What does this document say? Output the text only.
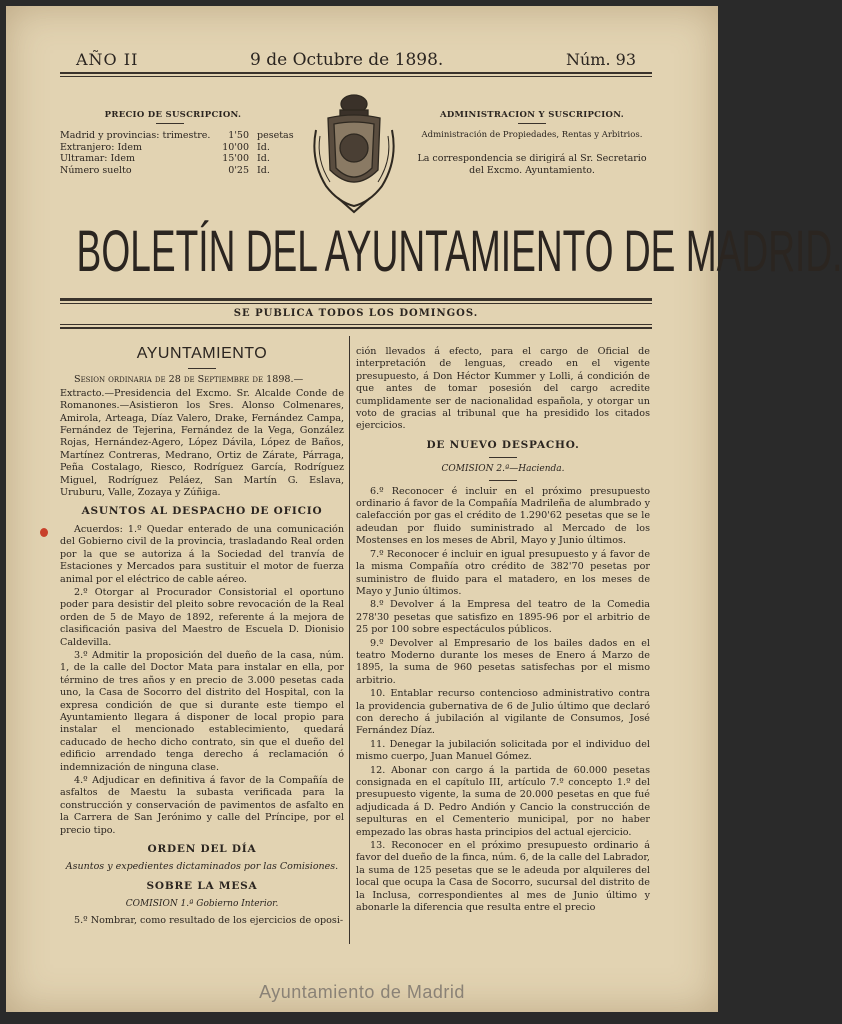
AÑO II	9 de Octubre de 1898.	Núm. 93
PRECIO DE SUSCRIPCION.
Madrid y provincias: trimestre.	1'50 pesetas
Extranjero: Idem	10'00 Id.
Ultramar: Idem	15'00 Id.
Número suelto	0'25 Id.
ADMINISTRACION Y SUSCRIPCION.
Administración de Propiedades, Rentas y Arbitrios.
La correspondencia se dirigirá al Sr. Secretario
del Excmo. Ayuntamiento.
BOLETÍN DEL AYUNTAMIENTO DE MADRID.
SE PUBLICA TODOS LOS DOMINGOS.
AYUNTAMIENTO
Sesion ordinaria de 28 de Septiembre de 1898.—
Extracto.—Presidencia del Excmo. Sr. Alcalde Conde de Romanones.—Asistieron los Sres. Alonso Colmenares, Amirola, Arteaga, Díaz Valero, Drake, Fernández Campa, Fernández de Tejerina, Fernández de la Vega, González Rojas, Hernández-Agero, López Dávila, López de Baños, Martínez Contreras, Medrano, Ortiz de Zárate, Párraga, Peña Costalago, Riesco, Rodríguez García, Rodríguez Miguel, Rodríguez Peláez, San Martín G. Eslava, Uruburu, Valle, Zozaya y Zúñiga.
ASUNTOS AL DESPACHO DE OFICIO
Acuerdos: 1.º Quedar enterado de una comunicación del Gobierno civil de la provincia, trasladando Real orden por la que se autoriza á la Sociedad del tranvía de Estaciones y Mercados para sustituir el motor de fuerza animal por el eléctrico de cable aéreo.
2.º Otorgar al Procurador Consistorial el oportuno poder para desistir del pleito sobre revocación de la Real orden de 5 de Mayo de 1892, referente á la mejora de clasificación pasiva del Maestro de Escuela D. Dionisio Caldevilla.
3.º Admitir la proposición del dueño de la casa, núm. 1, de la calle del Doctor Mata para instalar en ella, por término de tres años y en precio de 3.000 pesetas cada uno, la Casa de Socorro del distrito del Hospital, con la expresa condición de que si durante este tiempo el Ayuntamiento llegara á disponer de local propio para instalar el mencionado establecimiento, quedará caducado de hecho dicho contrato, sin que el dueño del edificio arrendado tenga derecho á reclamación ó indemnización de ninguna clase.
4.º Adjudicar en definitiva á favor de la Compañía de asfaltos de Maestu la subasta verificada para la construcción y conservación de pavimentos de asfalto en la Carrera de San Jerónimo y calle del Príncipe, por el precio tipo.
ORDEN DEL DÍA
Asuntos y expedientes dictaminados por las Comisiones.
SOBRE LA MESA
COMISION 1.ª Gobierno Interior.
5.º Nombrar, como resultado de los ejercicios de oposi-
ción llevados á efecto, para el cargo de Oficial de interpretación de lenguas, creado en el vigente presupuesto, á Don Héctor Kummer y Lolli, á condición de que antes de tomar posesión del cargo acredite cumplidamente ser de nacionalidad española, y otorgar un voto de gracias al tribunal que ha presidido los citados ejercicios.
DE NUEVO DESPACHO.
COMISION 2.ª—Hacienda.
6.º Reconocer é incluir en el próximo presupuesto ordinario á favor de la Compañía Madrileña de alumbrado y calefacción por gas el crédito de 1.290'62 pesetas que se le adeudan por fluido suministrado al Mercado de los Mostenses en los meses de Abril, Mayo y Junio últimos.
7.º Reconocer é incluir en igual presupuesto y á favor de la misma Compañía otro crédito de 382'70 pesetas por suministro de fluido para el matadero, en los meses de Mayo y Junio últimos.
8.º Devolver á la Empresa del teatro de la Comedia 278'30 pesetas que satisfizo en 1895-96 por el arbitrio de 25 por 100 sobre espectáculos públicos.
9.º Devolver al Empresario de los bailes dados en el teatro Moderno durante los meses de Enero á Marzo de 1895, la suma de 960 pesetas satisfechas por el mismo arbitrio.
10. Entablar recurso contencioso administrativo contra la providencia gubernativa de 6 de Julio último que declaró con derecho á jubilación al vigilante de Consumos, José Fernández Díaz.
11. Denegar la jubilación solicitada por el individuo del mismo cuerpo, Juan Manuel Gómez.
12. Abonar con cargo á la partida de 60.000 pesetas consignada en el capítulo III, artículo 7.º concepto 1.º del presupuesto vigente, la suma de 20.000 pesetas en que fué adjudicada á D. Pedro Andión y Cancio la construcción de sepulturas en el Cementerio municipal, por no haber empezado las obras hasta principios del actual ejercicio.
13. Reconocer en el próximo presupuesto ordinario á favor del dueño de la finca, núm. 6, de la calle del Labrador, la suma de 125 pesetas que se le adeuda por alquileres del local que ocupa la Casa de Socorro, sucursal del distrito de la Inclusa, correspondientes al mes de Junio último y abonarle la diferencia que resulta entre el precio
Ayuntamiento de Madrid
